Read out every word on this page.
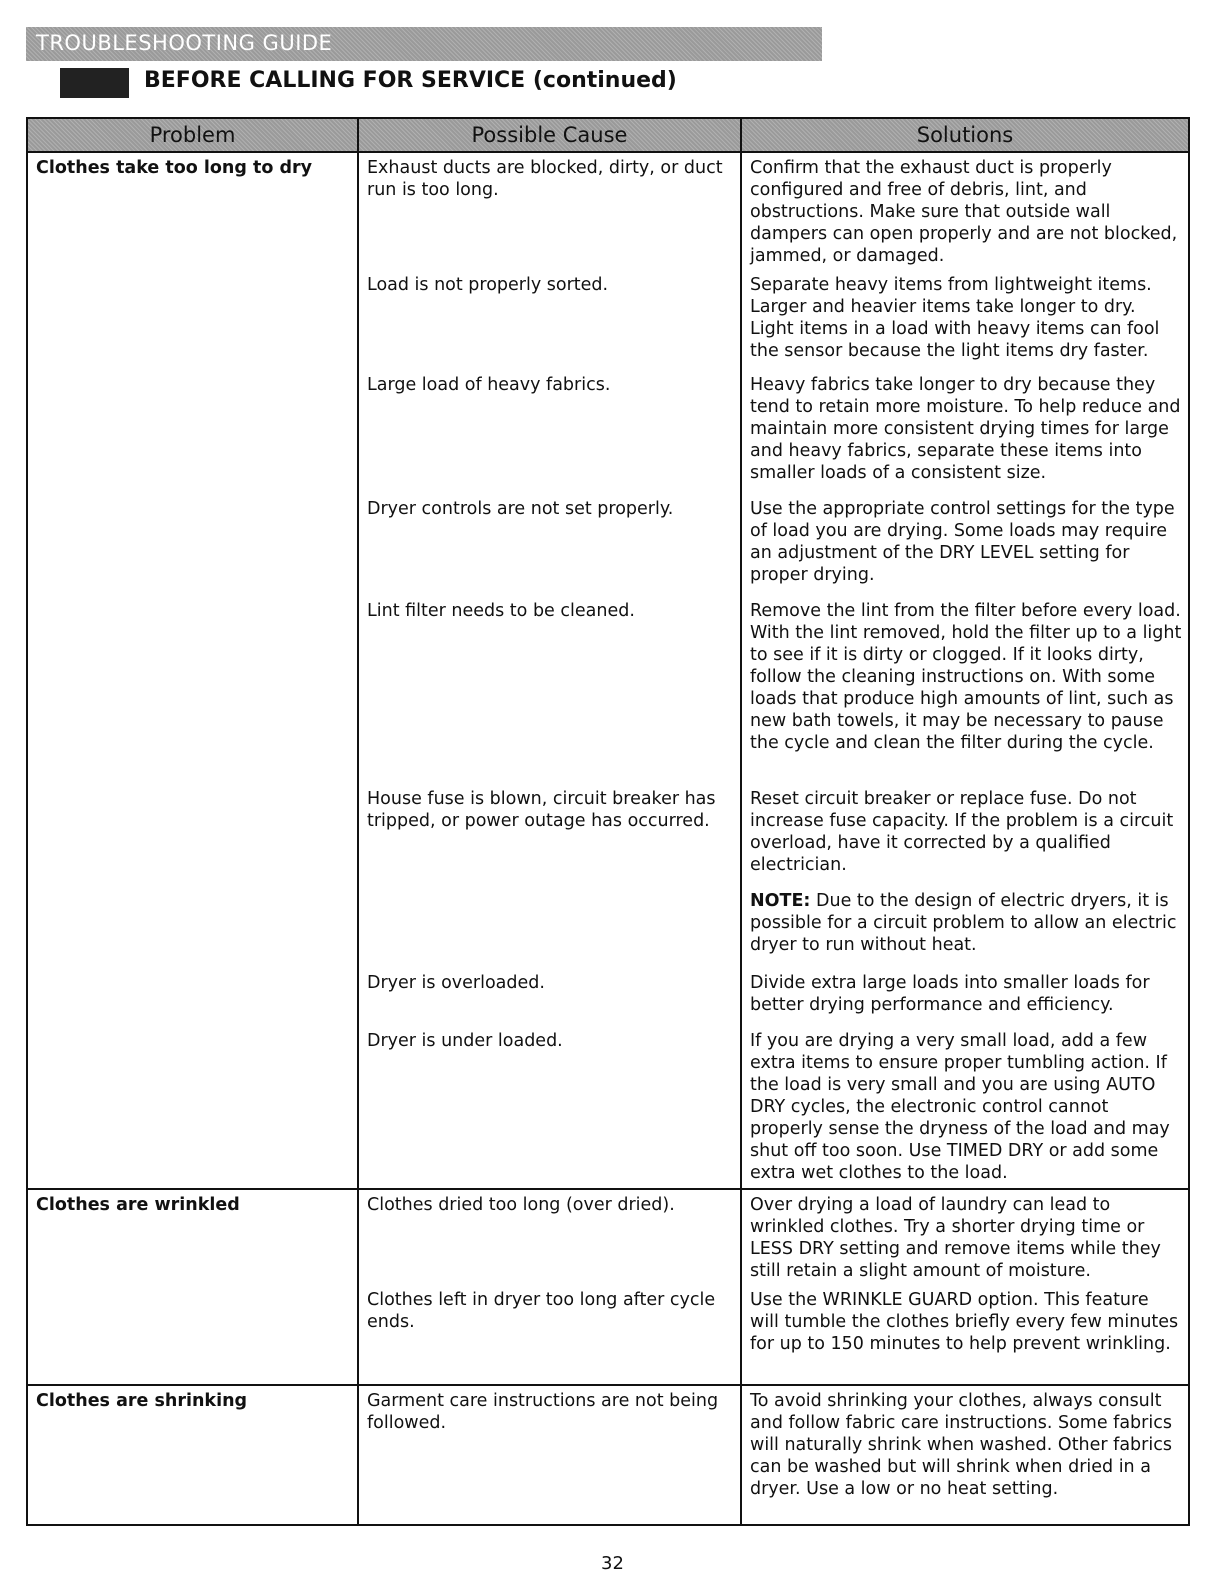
TROUBLESHOOTING GUIDE
BEFORE CALLING FOR SERVICE (continued)
Problem	Possible Cause	Solutions
Clothes take too long to dry	Exhaust ducts are blocked, dirty, or duct run is too long.	Confirm that the exhaust duct is properly configured and free of debris, lint, and obstructions. Make sure that outside wall dampers can open properly and are not blocked, jammed, or damaged.
	Load is not properly sorted.	Separate heavy items from lightweight items. Larger and heavier items take longer to dry. Light items in a load with heavy items can fool the sensor because the light items dry faster.
	Large load of heavy fabrics.	Heavy fabrics take longer to dry because they tend to retain more moisture. To help reduce and maintain more consistent drying times for large and heavy fabrics, separate these items into smaller loads of a consistent size.
	Dryer controls are not set properly.	Use the appropriate control settings for the type of load you are drying. Some loads may require an adjustment of the DRY LEVEL setting for proper drying.
	Lint filter needs to be cleaned.	Remove the lint from the filter before every load. With the lint removed, hold the filter up to a light to see if it is dirty or clogged. If it looks dirty, follow the cleaning instructions on. With some loads that produce high amounts of lint, such as new bath towels, it may be necessary to pause the cycle and clean the filter during the cycle.
	House fuse is blown, circuit breaker has tripped, or power outage has occurred.	Reset circuit breaker or replace fuse. Do not increase fuse capacity. If the problem is a circuit overload, have it corrected by a qualified electrician.
NOTE: Due to the design of electric dryers, it is possible for a circuit problem to allow an electric dryer to run without heat.

	Dryer is overloaded.	Divide extra large loads into smaller loads for better drying performance and efficiency.
	Dryer is under loaded.	If you are drying a very small load, add a few extra items to ensure proper tumbling action. If the load is very small and you are using AUTO DRY cycles, the electronic control cannot properly sense the dryness of the load and may shut off too soon. Use TIMED DRY or add some extra wet clothes to the load.

Clothes are wrinkled	Clothes dried too long (over dried).	Over drying a load of laundry can lead to wrinkled clothes. Try a shorter drying time or LESS DRY setting and remove items while they still retain a slight amount of moisture.
	Clothes left in dryer too long after cycle ends.	Use the WRINKLE GUARD option. This feature will tumble the clothes briefly every few minutes for up to 150 minutes to help prevent wrinkling.
Clothes are shrinking	Garment care instructions are not being followed.	To avoid shrinking your clothes, always consult and follow fabric care instructions. Some fabrics will naturally shrink when washed. Other fabrics can be washed but will shrink when dried in a dryer. Use a low or no heat setting.
32
